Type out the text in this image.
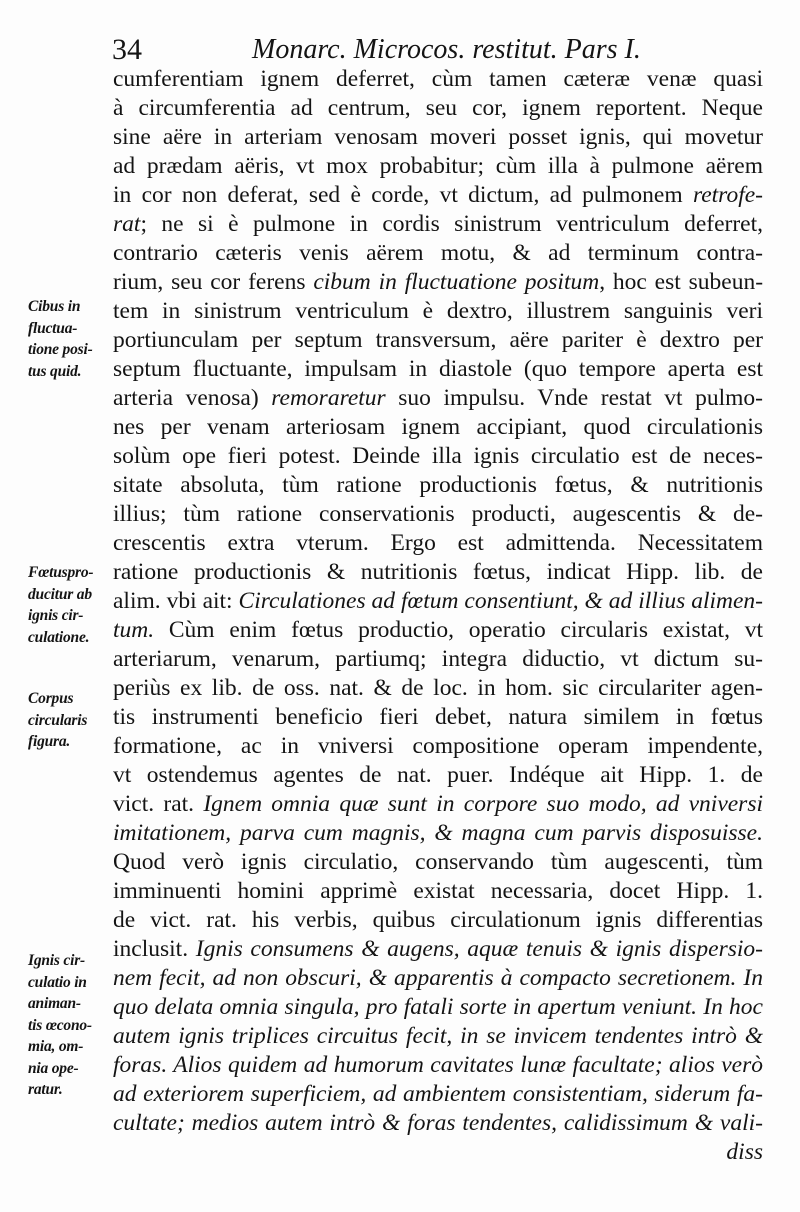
34	Monarc. Microcos. restitut. Pars I.
cumferentiam ignem deferret, cùm tamen cæteræ venæ quasi
à circumferentia ad centrum, seu cor, ignem reportent. Neque
sine aëre in arteriam venosam moveri posset ignis, qui movetur
ad prædam aëris, vt mox probabitur; cùm illa à pulmone aërem
in cor non deferat, sed è corde, vt dictum, ad pulmonem retrofe-
rat; ne si è pulmone in cordis sinistrum ventriculum deferret,
contrario cæteris venis aërem motu, & ad terminum contra-
rium, seu cor ferens cibum in fluctuatione positum, hoc est subeun-
tem in sinistrum ventriculum è dextro, illustrem sanguinis veri
portiunculam per septum transversum, aëre pariter è dextro per
septum fluctuante, impulsam in diastole (quo tempore aperta est
arteria venosa) remoraretur suo impulsu. Vnde restat vt pulmo-
nes per venam arteriosam ignem accipiant, quod circulationis
solùm ope fieri potest. Deinde illa ignis circulatio est de neces-
sitate absoluta, tùm ratione productionis fœtus, & nutritionis
illius; tùm ratione conservationis producti, augescentis & de-
crescentis extra vterum. Ergo est admittenda. Necessitatem
ratione productionis & nutritionis fœtus, indicat Hipp. lib. de
alim. vbi ait: Circulationes ad fœtum consentiunt, & ad illius alimen-
tum. Cùm enim fœtus productio, operatio circularis existat, vt
arteriarum, venarum, partiumq; integra diductio, vt dictum su-
periùs ex lib. de oss. nat. & de loc. in hom. sic circulariter agen-
tis instrumenti beneficio fieri debet, natura similem in fœtus
formatione, ac in vniversi compositione operam impendente,
vt ostendemus agentes de nat. puer. Indéque ait Hipp. 1. de
vict. rat. Ignem omnia quæ sunt in corpore suo modo, ad vniversi
imitationem, parva cum magnis, & magna cum parvis disposuisse.
Quod verò ignis circulatio, conservando tùm augescenti, tùm
imminuenti homini apprimè existat necessaria, docet Hipp. 1.
de vict. rat. his verbis, quibus circulationum ignis differentias
inclusit. Ignis consumens & augens, aquæ tenuis & ignis dispersio-
nem fecit, ad non obscuri, & apparentis à compacto secretionem. In
quo delata omnia singula, pro fatali sorte in apertum veniunt. In hoc
autem ignis triplices circuitus fecit, in se invicem tendentes intrò &
foras. Alios quidem ad humorum cavitates lunæ facultate; alios verò
ad exteriorem superficiem, ad ambientem consistentiam, siderum fa-
cultate; medios autem intrò & foras tendentes, calidissimum & vali-
diss
Cibus in
fluctua-
tione posi-
tus quid.
Fœtuspro-
ducitur ab
ignis cir-
culatione.
Corpus
circularis
figura.
Ignis cir-
culatio in
animan-
tis œcono-
mia, om-
nia ope-
ratur.
